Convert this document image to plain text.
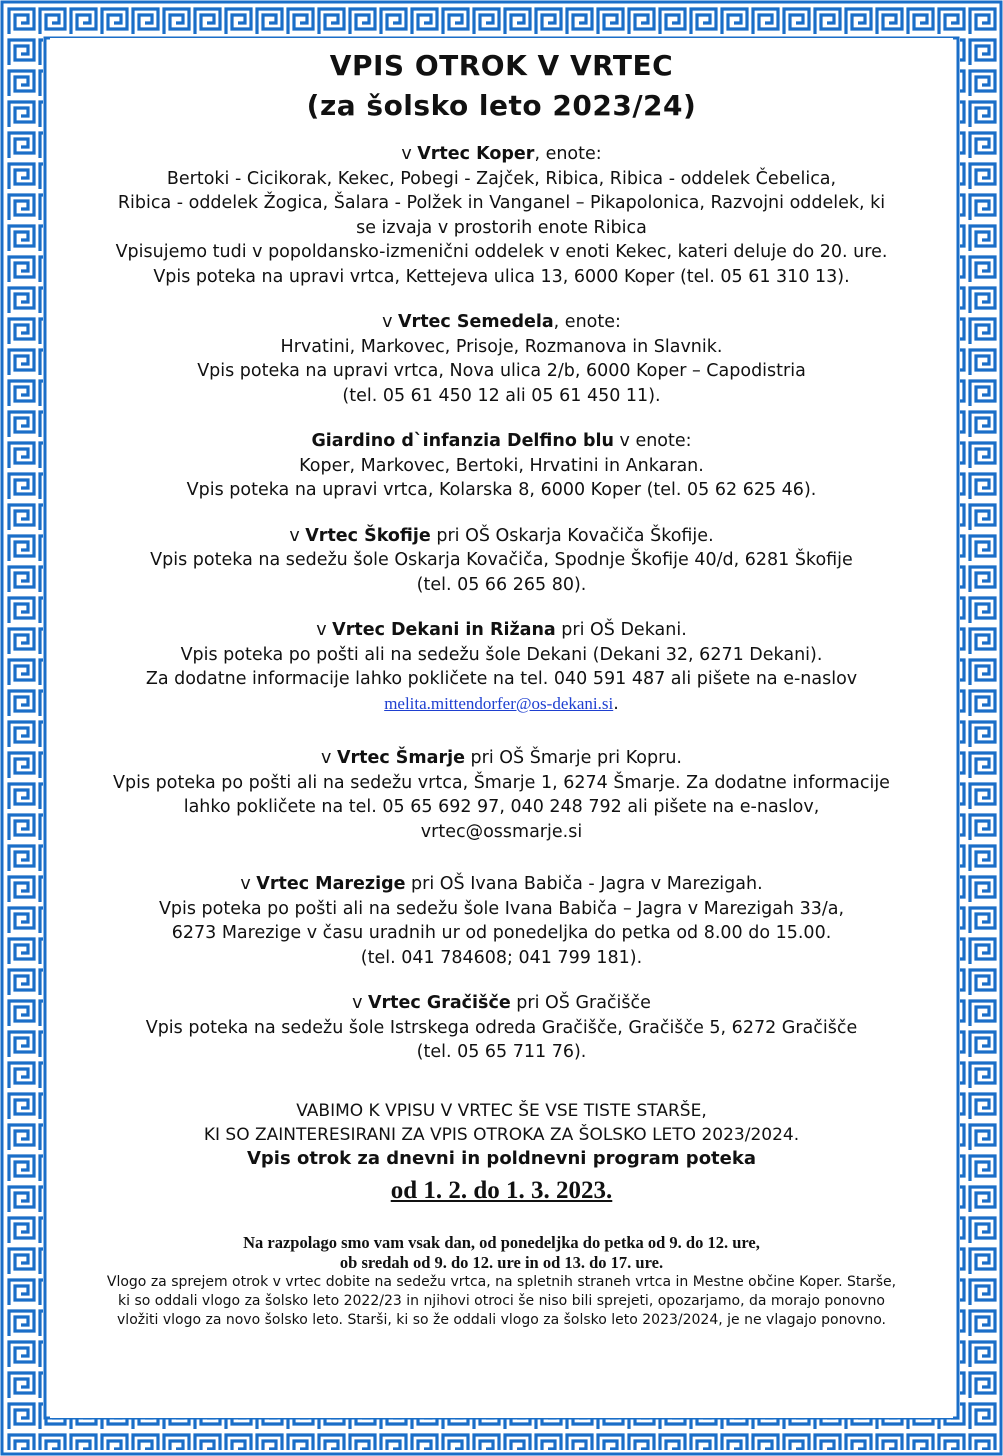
VPIS OTROK V VRTEC
(za šolsko leto 2023/24)

v Vrtec Koper, enote:

Bertoki - Cicikorak, Kekec, Pobegi - Zajček, Ribica, Ribica - oddelek Čebelica,

Ribica - oddelek Žogica, Šalara - Polžek in Vanganel – Pikapolonica, Razvojni oddelek, ki

se izvaja v prostorih enote Ribica

Vpisujemo tudi v popoldansko-izmenični oddelek v enoti Kekec, kateri deluje do 20. ure.

Vpis poteka na upravi vrtca, Kettejeva ulica 13, 6000 Koper (tel. 05 61 310 13).

v Vrtec Semedela, enote:

Hrvatini, Markovec, Prisoje, Rozmanova in Slavnik.

Vpis poteka na upravi vrtca, Nova ulica 2/b, 6000 Koper – Capodistria

(tel. 05 61 450 12 ali 05 61 450 11).

Giardino d`infanzia Delfino blu v enote:

Koper, Markovec, Bertoki, Hrvatini in Ankaran.

Vpis poteka na upravi vrtca, Kolarska 8, 6000 Koper (tel. 05 62 625 46).

v Vrtec Škofije pri OŠ Oskarja Kovačiča Škofije.

Vpis poteka na sedežu šole Oskarja Kovačiča, Spodnje Škofije 40/d, 6281 Škofije

(tel. 05 66 265 80).

v Vrtec Dekani in Rižana pri OŠ Dekani.

Vpis poteka po pošti ali na sedežu šole Dekani (Dekani 32, 6271 Dekani).

Za dodatne informacije lahko pokličete na tel. 040 591 487 ali pišete na e-naslov

melita.mittendorfer@os-dekani.si.

v Vrtec Šmarje pri OŠ Šmarje pri Kopru.

Vpis poteka po pošti ali na sedežu vrtca, Šmarje 1, 6274 Šmarje. Za dodatne informacije

lahko pokličete na tel. 05 65 692 97, 040 248 792 ali pišete na e-naslov,

vrtec@ossmarje.si

v Vrtec Marezige pri OŠ Ivana Babiča - Jagra v Marezigah.

Vpis poteka po pošti ali na sedežu šole Ivana Babiča – Jagra v Marezigah 33/a,

6273 Marezige v času uradnih ur od ponedeljka do petka od 8.00 do 15.00.

(tel. 041 784608; 041 799 181).

v Vrtec Gračišče pri OŠ Gračišče

Vpis poteka na sedežu šole Istrskega odreda Gračišče, Gračišče 5, 6272 Gračišče

(tel. 05 65 711 76).

VABIMO K VPISU V VRTEC ŠE VSE TISTE STARŠE,

KI SO ZAINTERESIRANI ZA VPIS OTROKA ZA ŠOLSKO LETO 2023/2024.

Vpis otrok za dnevni in poldnevni program poteka

od 1. 2. do 1. 3. 2023.

Na razpolago smo vam vsak dan, od ponedeljka do petka od 9. do 12. ure,

ob sredah od 9. do 12. ure in od 13. do 17. ure.

Vlogo za sprejem otrok v vrtec dobite na sedežu vrtca, na spletnih straneh vrtca in Mestne občine Koper. Starše, ki so oddali vlogo za šolsko leto 2022/23 in njihovi otroci še niso bili sprejeti, opozarjamo, da morajo ponovno vložiti vlogo za novo šolsko leto. Starši, ki so že oddali vlogo za šolsko leto 2023/2024, je ne vlagajo ponovno.
